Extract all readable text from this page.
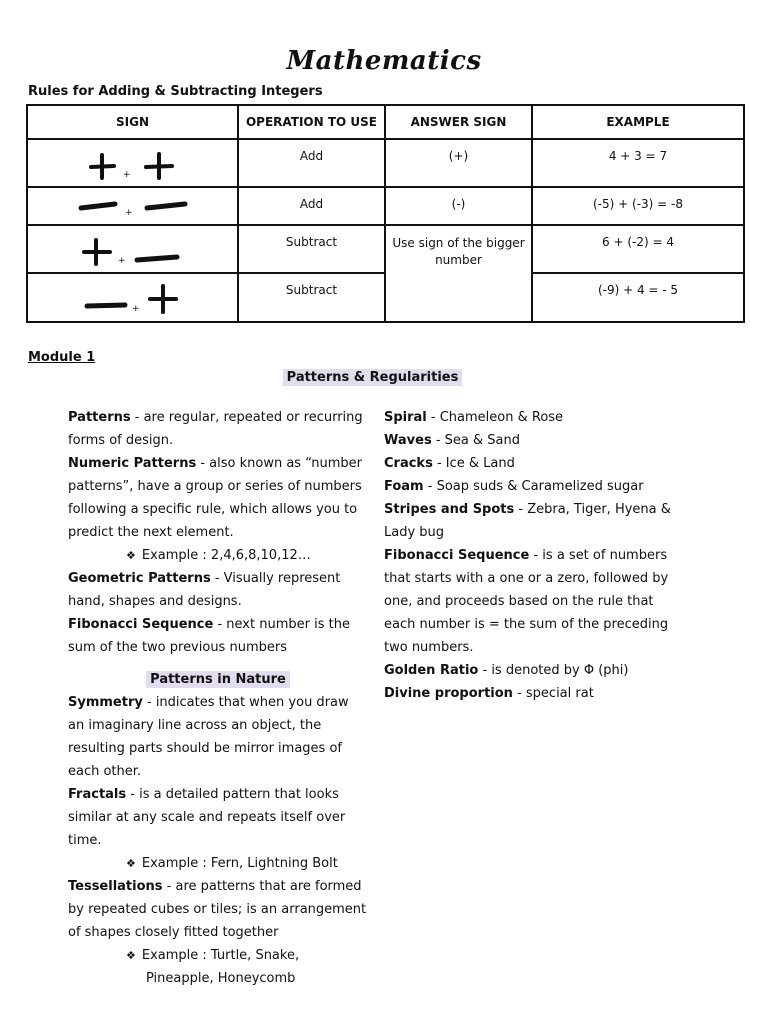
Mathematics
Rules for Adding & Subtracting Integers
SIGN	OPERATION TO USE	ANSWER SIGN	EXAMPLE

+	Add	(+)	4 + 3 = 7

+	Add	(-)	(-5) + (-3) = -8

+	Subtract	Use sign of the bigger number	6 + (-2) = 4

+	Subtract		(-9) + 4 = - 5
Module 1
Patterns & Regularities

Patterns - are regular, repeated or recurring forms of design.

Numeric Patterns - also known as “number patterns”, have a group or series of numbers following a specific rule, which allows you to predict the next element.

❖ Example : 2,4,6,8,10,12…

Geometric Patterns - Visually represent hand, shapes and designs.

Fibonacci Sequence - next number is the sum of the two previous numbers

Patterns in Nature

Symmetry - indicates that when you draw an imaginary line across an object, the resulting parts should be mirror images of each other.

Fractals - is a detailed pattern that looks similar at any scale and repeats itself over time.

❖ Example : Fern, Lightning Bolt

Tessellations - are patterns that are formed by repeated cubes or tiles; is an arrangement of shapes closely fitted together

❖ Example : Turtle, Snake,
Pineapple, Honeycomb

Spiral - Chameleon & Rose

Waves - Sea & Sand

Cracks - Ice & Land

Foam - Soap suds & Caramelized sugar

Stripes and Spots - Zebra, Tiger, Hyena & Lady bug

Fibonacci Sequence - is a set of numbers that starts with a one or a zero, followed by one, and proceeds based on the rule that each number is = the sum of the preceding two numbers.

Golden Ratio - is denoted by Φ (phi)

Divine proportion - special rat
